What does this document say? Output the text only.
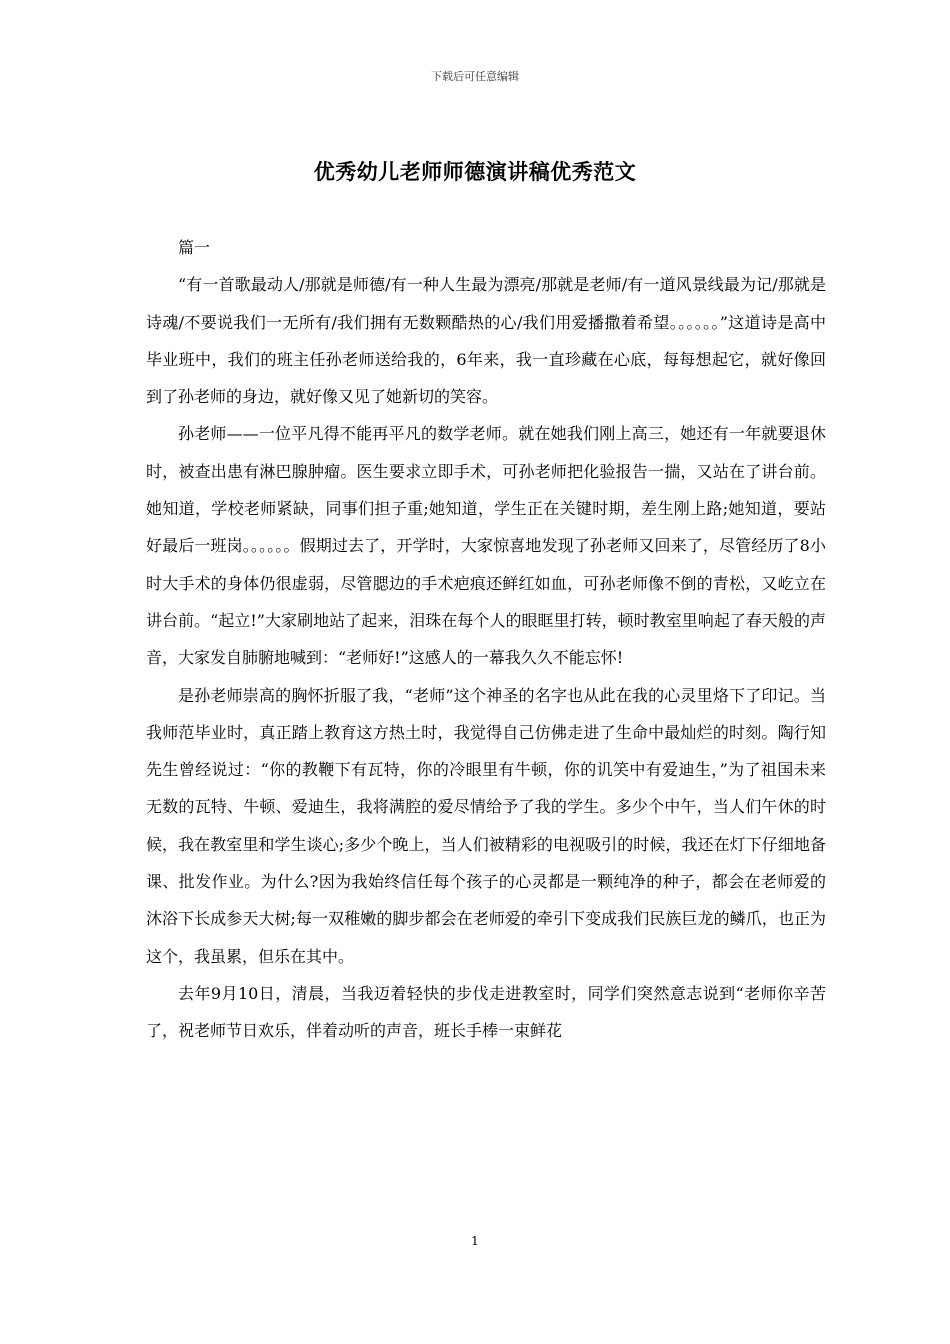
下载后可任意编辑
优秀幼儿老师师德演讲稿优秀范文

篇一

“有一首歌最动人/那就是师德/有一种人生最为漂亮/那就是老师/有一道风景线最为记/那就是诗魂/不要说我们一无所有/我们拥有无数颗酷热的心/我们用爱播撒着希望。。。。。。”这道诗是高中毕业班中，我们的班主任孙老师送给我的，6年来，我一直珍藏在心底，每每想起它，就好像回到了孙老师的身边，就好像又见了她新切的笑容。

孙老师——一位平凡得不能再平凡的数学老师。就在她我们刚上高三，她还有一年就要退休时，被查出患有淋巴腺肿瘤。医生要求立即手术，可孙老师把化验报告一揣，又站在了讲台前。她知道，学校老师紧缺，同事们担子重;她知道，学生正在关键时期，差生刚上路;她知道，要站好最后一班岗。。。。。。假期过去了，开学时，大家惊喜地发现了孙老师又回来了，尽管经历了8小时大手术的身体仍很虚弱，尽管腮边的手术疤痕还鲜红如血，可孙老师像不倒的青松，又屹立在讲台前。“起立!”大家刷地站了起来，泪珠在每个人的眼眶里打转，顿时教室里响起了春天般的声音，大家发自肺腑地喊到：“老师好!”这感人的一幕我久久不能忘怀!

是孙老师崇高的胸怀折服了我，“老师”这个神圣的名字也从此在我的心灵里烙下了印记。当我师范毕业时，真正踏上教育这方热土时，我觉得自己仿佛走进了生命中最灿烂的时刻。陶行知先生曾经说过：“你的教鞭下有瓦特，你的冷眼里有牛顿，你的讥笑中有爱迪生，”为了祖国未来无数的瓦特、牛顿、爱迪生，我将满腔的爱尽情给予了我的学生。多少个中午，当人们午休的时候，我在教室里和学生谈心;多少个晚上，当人们被精彩的电视吸引的时候，我还在灯下仔细地备课、批发作业。为什么?因为我始终信任每个孩子的心灵都是一颗纯净的种子，都会在老师爱的沐浴下长成参天大树;每一双稚嫩的脚步都会在老师爱的牵引下变成我们民族巨龙的鳞爪，也正为这个，我虽累，但乐在其中。

去年9月10日，清晨，当我迈着轻快的步伐走进教室时，同学们突然意志说到“老师你辛苦了，祝老师节日欢乐，伴着动听的声音，班长手棒一束鲜花

1
